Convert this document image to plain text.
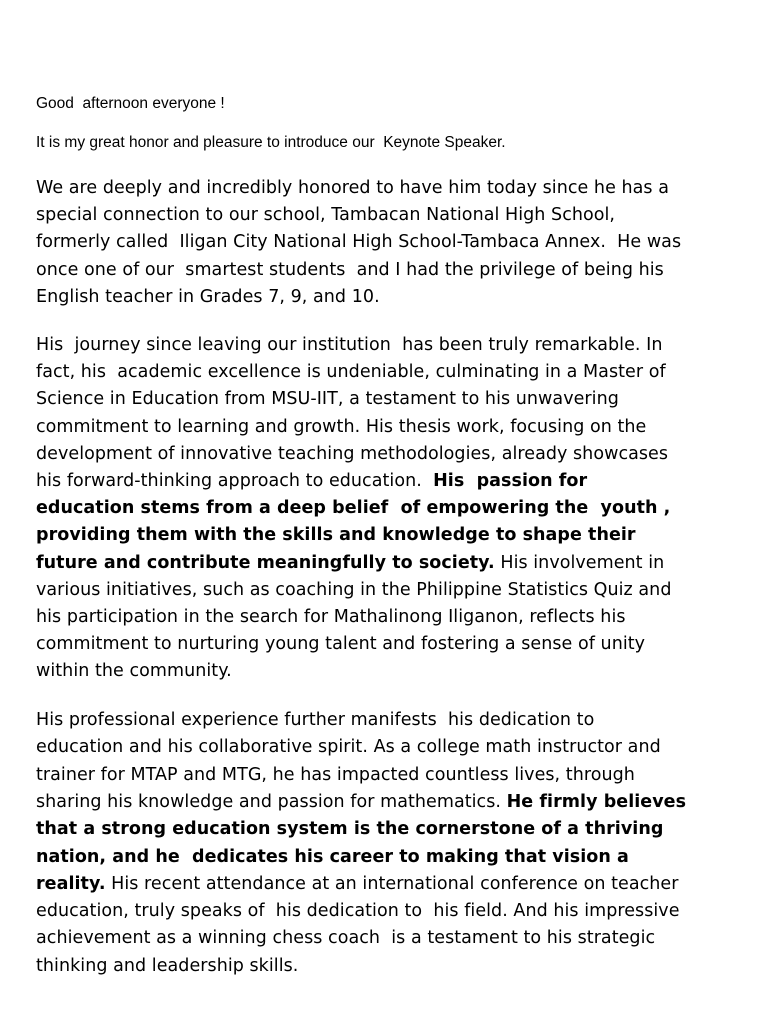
Good  afternoon everyone !
It is my great honor and pleasure to introduce our  Keynote Speaker.
We are deeply and incredibly honored to have him today since he has a
special connection to our school, Tambacan National High School,
formerly called  Iligan City National High School-Tambaca Annex.  He was
once one of our  smartest students  and I had the privilege of being his
English teacher in Grades 7, 9, and 10.
His  journey since leaving our institution  has been truly remarkable. In
fact, his  academic excellence is undeniable, culminating in a Master of
Science in Education from MSU-IIT, a testament to his unwavering
commitment to learning and growth. His thesis work, focusing on the
development of innovative teaching methodologies, already showcases
his forward-thinking approach to education.  His  passion for
education stems from a deep belief  of empowering the  youth ,
providing them with the skills and knowledge to shape their
future and contribute meaningfully to society. His involvement in
various initiatives, such as coaching in the Philippine Statistics Quiz and
his participation in the search for Mathalinong Iliganon, reflects his
commitment to nurturing young talent and fostering a sense of unity
within the community.
His professional experience further manifests  his dedication to
education and his collaborative spirit. As a college math instructor and
trainer for MTAP and MTG, he has impacted countless lives, through
sharing his knowledge and passion for mathematics. He firmly believes
that a strong education system is the cornerstone of a thriving
nation, and he  dedicates his career to making that vision a
reality. His recent attendance at an international conference on teacher
education, truly speaks of  his dedication to  his field. And his impressive
achievement as a winning chess coach  is a testament to his strategic
thinking and leadership skills.
